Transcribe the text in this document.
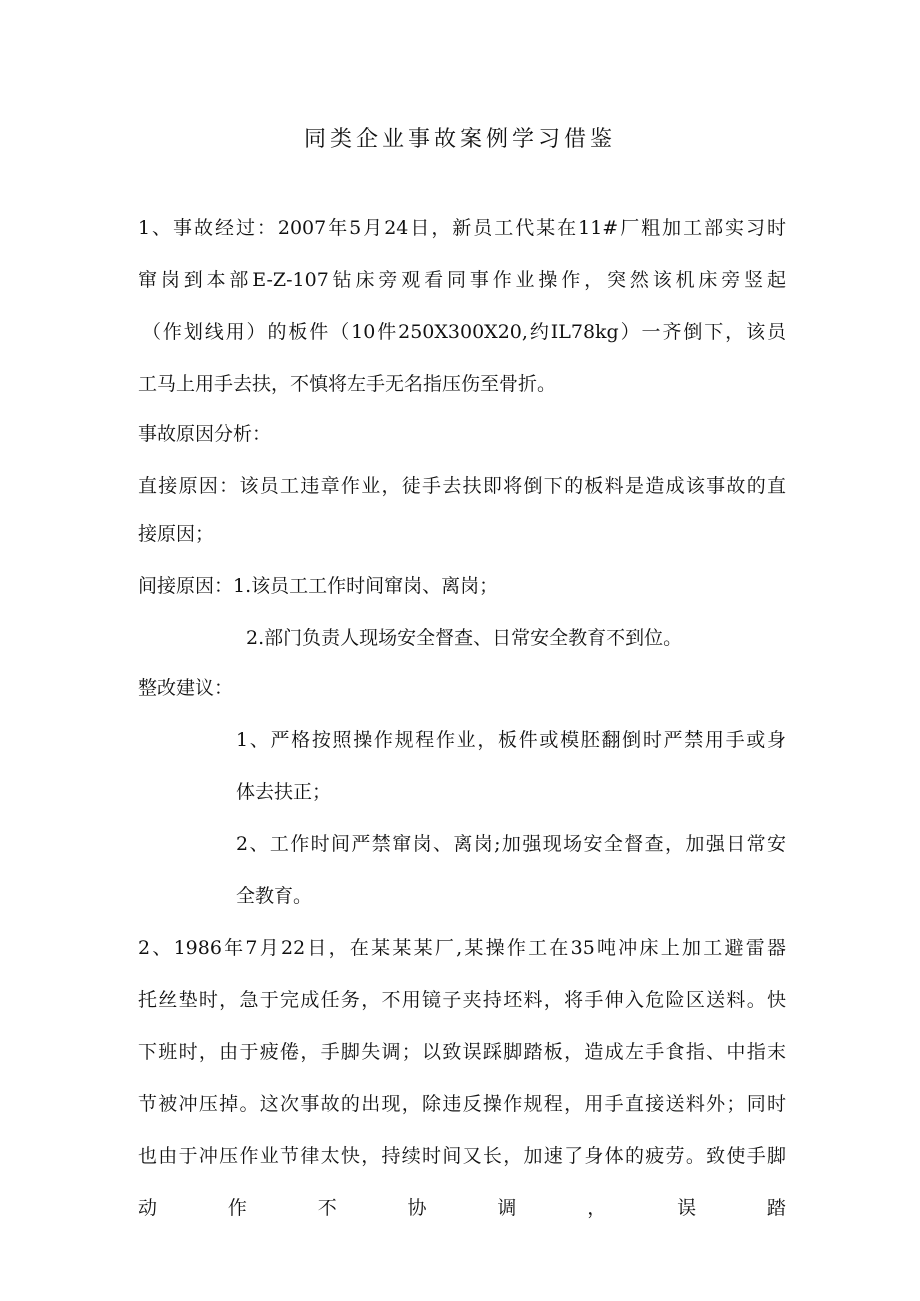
同类企业事故案例学习借鉴
1、事故经过：2007年5月24日，新员工代某在11#厂粗加工部实习时
窜岗到本部E-Z-107钻床旁观看同事作业操作，突然该机床旁竖起
（作划线用）的板件（10件250X300X20,约IL78kg）一齐倒下，该员
工马上用手去扶，不慎将左手无名指压伤至骨折。
事故原因分析：
直接原因：该员工违章作业，徒手去扶即将倒下的板料是造成该事故的直
接原因；
间接原因：1.该员工工作时间窜岗、离岗；
2.部门负责人现场安全督查、日常安全教育不到位。
整改建议：
1、严格按照操作规程作业，板件或模胚翻倒时严禁用手或身
体去扶正；
2、工作时间严禁窜岗、离岗;加强现场安全督查，加强日常安
全教育。
2、1986年7月22日，在某某某厂,某操作工在35吨冲床上加工避雷器
托丝垫时，急于完成任务，不用镜子夹持坯料，将手伸入危险区送料。快
下班时，由于疲倦，手脚失调；以致误踩脚踏板，造成左手食指、中指末
节被冲压掉。这次事故的出现，除违反操作规程，用手直接送料外；同时
也由于冲压作业节律太快，持续时间又长，加速了身体的疲劳。致使手脚
动	作	不	协	调	，	误	踏
